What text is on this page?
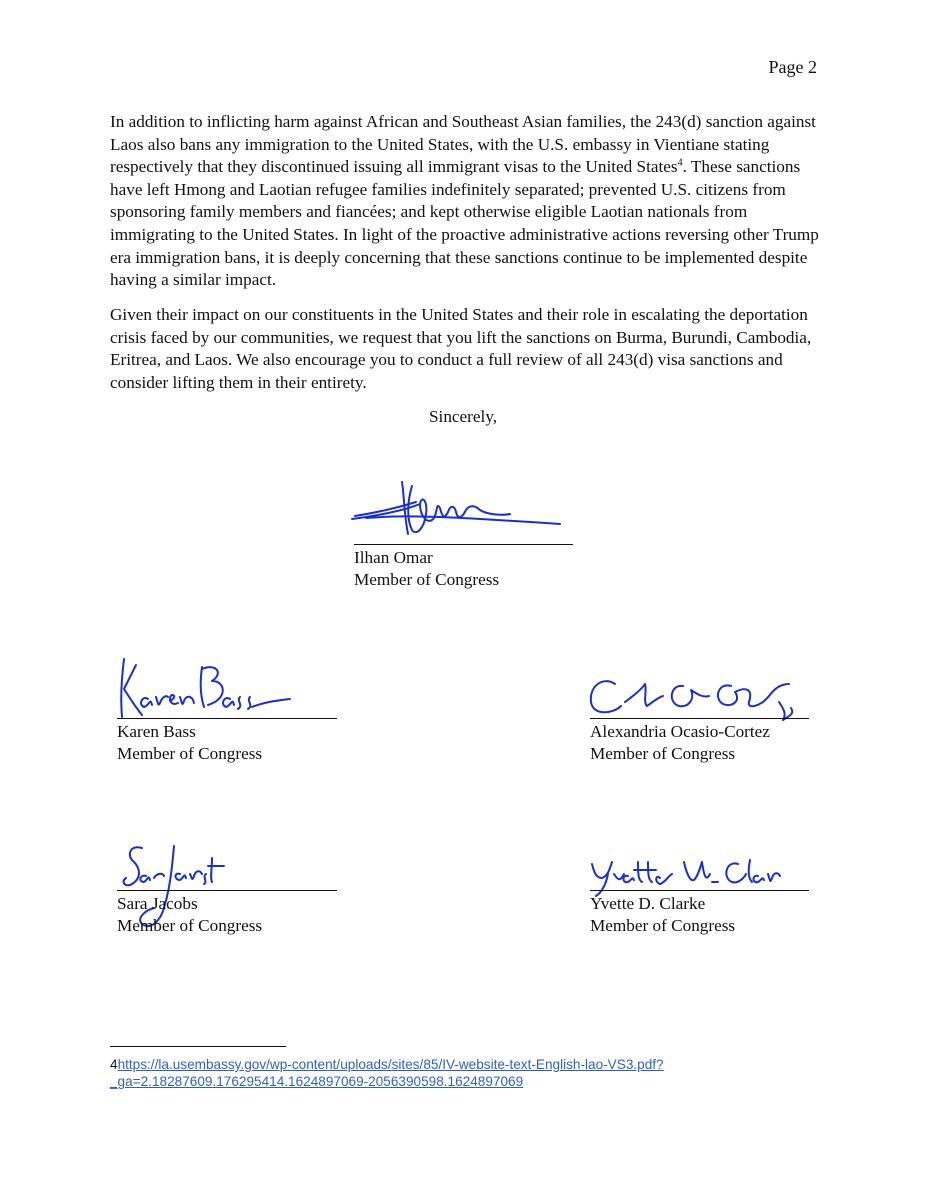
Page 2

In addition to inflicting harm against African and Southeast Asian families, the 243(d) sanction against Laos also bans any immigration to the United States, with the U.S. embassy in Vientiane stating respectively that they discontinued issuing all immigrant visas to the United States$^4$. These sanctions have left Hmong and Laotian refugee families indefinitely separated; prevented U.S. citizens from sponsoring family members and fiancées; and kept otherwise eligible Laotian nationals from immigrating to the United States. In light of the proactive administrative actions reversing other Trump era immigration bans, it is deeply concerning that these sanctions continue to be implemented despite having a similar impact.

Given their impact on our constituents in the United States and their role in escalating the deportation crisis faced by our communities, we request that you lift the sanctions on Burma, Burundi, Cambodia, Eritrea, and Laos. We also encourage you to conduct a full review of all 243(d) visa sanctions and consider lifting them in their entirety.

Sincerely,
Ilhan Omar
Member of Congress
Karen Bass
Member of Congress
Alexandria Ocasio-Cortez
Member of Congress
Sara Jacobs
Member of Congress
Yvette D. Clarke
Member of Congress
4https://la.usembassy.gov/wp-content/uploads/sites/85/IV-website-text-English-lao-VS3.pdf?
_ga=2.18287609.176295414.1624897069-2056390598.1624897069
